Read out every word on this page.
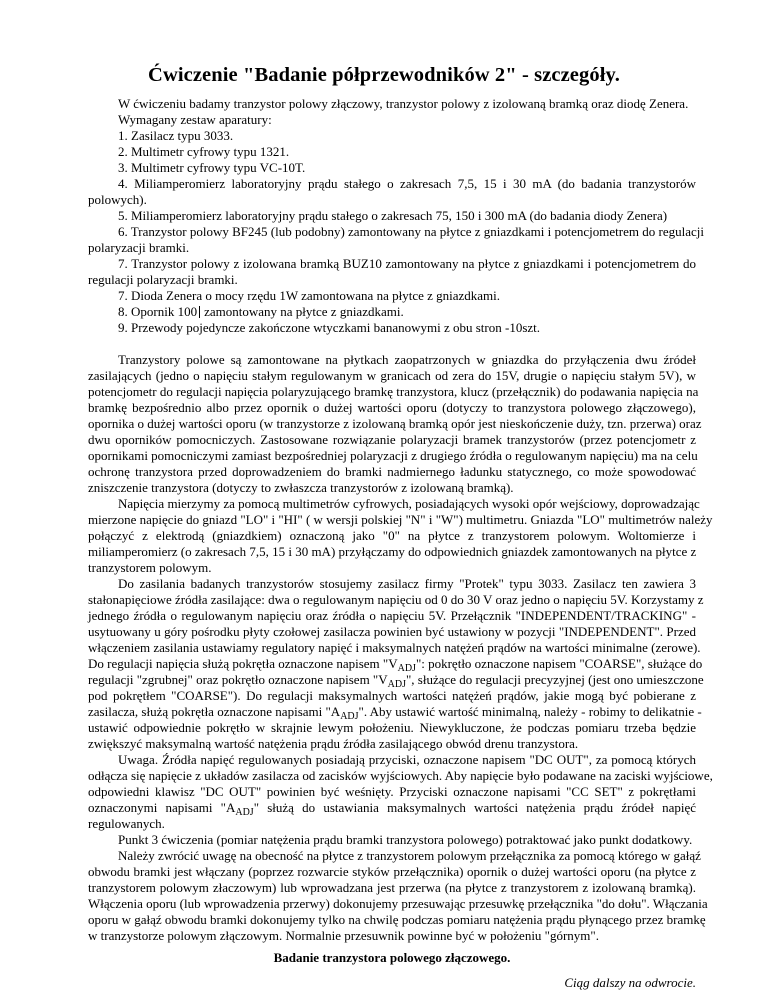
Ćwiczenie "Badanie półprzewodników 2" - szczegóły.

W ćwiczeniu badamy tranzystor polowy złączowy, tranzystor polowy z izolowaną bramką oraz diodę Zenera.

Wymagany zestaw aparatury:

1. Zasilacz typu 3033.

2. Multimetr cyfrowy typu 1321.

3. Multimetr cyfrowy typu VC-10T.

4. Miliamperomierz laboratoryjny prądu stałego o zakresach 7,5, 15 i 30 mA (do badania tranzystorów

polowych).

5. Miliamperomierz laboratoryjny prądu stałego o zakresach 75, 150 i 300 mA (do badania diody Zenera)

6. Tranzystor polowy BF245 (lub podobny) zamontowany na płytce z gniazdkami i potencjometrem do regulacji

polaryzacji bramki.

7. Tranzystor polowy z izolowana bramką BUZ10 zamontowany na płytce z gniazdkami i potencjometrem do

regulacji polaryzacji bramki.

7. Dioda Zenera o mocy rzędu 1W zamontowana na płytce z gniazdkami.

8. Opornik 100 zamontowany na płytce z gniazdkami.

9. Przewody pojedyncze zakończone wtyczkami bananowymi z obu stron -10szt.

Tranzystory polowe są zamontowane na płytkach zaopatrzonych w gniazdka do przyłączenia dwu źródeł

zasilających (jedno o napięciu stałym regulowanym w granicach od zera do 15V, drugie o napięciu stałym 5V), w

potencjometr do regulacji napięcia polaryzującego bramkę tranzystora, klucz (przełącznik) do podawania napięcia na

bramkę bezpośrednio albo przez opornik o dużej wartości oporu (dotyczy to tranzystora polowego złączowego),

opornika o dużej wartości oporu (w tranzystorze z izolowaną bramką opór jest nieskończenie duży, tzn. przerwa) oraz

dwu oporników pomocniczych. Zastosowane rozwiązanie polaryzacji bramek tranzystorów (przez potencjometr z

opornikami pomocniczymi zamiast bezpośredniej polaryzacji z drugiego źródła o regulowanym napięciu) ma na celu

ochronę tranzystora przed doprowadzeniem do bramki nadmiernego ładunku statycznego, co może spowodować

zniszczenie tranzystora (dotyczy to zwłaszcza tranzystorów z izolowaną bramką).

Napięcia mierzymy za pomocą multimetrów cyfrowych, posiadających wysoki opór wejściowy, doprowadzając

mierzone napięcie do gniazd "LO" i "HI" ( w wersji polskiej "N" i "W") multimetru. Gniazda "LO" multimetrów należy

połączyć z elektrodą (gniazdkiem) oznaczoną jako "0" na płytce z tranzystorem polowym. Woltomierze i

miliamperomierz (o zakresach 7,5, 15 i 30 mA) przyłączamy do odpowiednich gniazdek zamontowanych na płytce z

tranzystorem polowym.

Do zasilania badanych tranzystorów stosujemy zasilacz firmy "Protek" typu 3033. Zasilacz ten zawiera 3

stałonapięciowe źródła zasilające: dwa o regulowanym napięciu od 0 do 30 V oraz jedno o napięciu 5V. Korzystamy z

jednego źródła o regulowanym napięciu oraz źródła o napięciu 5V. Przełącznik "INDEPENDENT/TRACKING" -

usytuowany u góry pośrodku płyty czołowej zasilacza powinien być ustawiony w pozycji "INDEPENDENT". Przed

włączeniem zasilania ustawiamy regulatory napięć i maksymalnych natężeń prądów na wartości minimalne (zerowe).

Do regulacji napięcia służą pokrętła oznaczone napisem "$V_{ADJ}$": pokrętło oznaczone napisem "COARSE", służące do

regulacji "zgrubnej" oraz pokrętło oznaczone napisem "$V_{ADJ}$", służące do regulacji precyzyjnej (jest ono umieszczone

pod pokrętłem "COARSE"). Do regulacji maksymalnych wartości natężeń prądów, jakie mogą być pobierane z

zasilacza, służą pokrętła oznaczone napisami "$A_{ADJ}$". Aby ustawić wartość minimalną, należy - robimy to delikatnie -

ustawić odpowiednie pokrętło w skrajnie lewym położeniu. Niewykluczone, że podczas pomiaru trzeba będzie

zwiększyć maksymalną wartość natężenia prądu źródła zasilającego obwód drenu tranzystora.

Uwaga. Źródła napięć regulowanych posiadają przyciski, oznaczone napisem "DC OUT", za pomocą których

odłącza się napięcie z układów zasilacza od zacisków wyjściowych. Aby napięcie było podawane na zaciski wyjściowe,

odpowiedni klawisz "DC OUT" powinien być weśnięty. Przyciski oznaczone napisami "CC SET" z pokrętłami

oznaczonymi napisami "$A_{ADJ}$" służą do ustawiania maksymalnych wartości natężenia prądu źródeł napięć

regulowanych.

Punkt 3 ćwiczenia (pomiar natężenia prądu bramki tranzystora polowego) potraktować jako punkt dodatkowy.

Należy zwrócić uwagę na obecność na płytce z tranzystorem polowym przełącznika za pomocą którego w gałąź

obwodu bramki jest włączany (poprzez rozwarcie styków przełącznika) opornik o dużej wartości oporu (na płytce z

tranzystorem polowym złaczowym) lub wprowadzana jest przerwa (na płytce z tranzystorem z izolowaną bramką).

Włączenia oporu (lub wprowadzenia przerwy) dokonujemy przesuwając przesuwkę przełącznika "do dołu". Włączania

oporu w gałąź obwodu bramki dokonujemy tylko na chwilę podczas pomiaru natężenia prądu płynącego przez bramkę

w tranzystorze polowym złączowym. Normalnie przesuwnik powinne być w położeniu "górnym".

Badanie tranzystora polowego złączowego.

Ciąg dalszy na odwrocie.
